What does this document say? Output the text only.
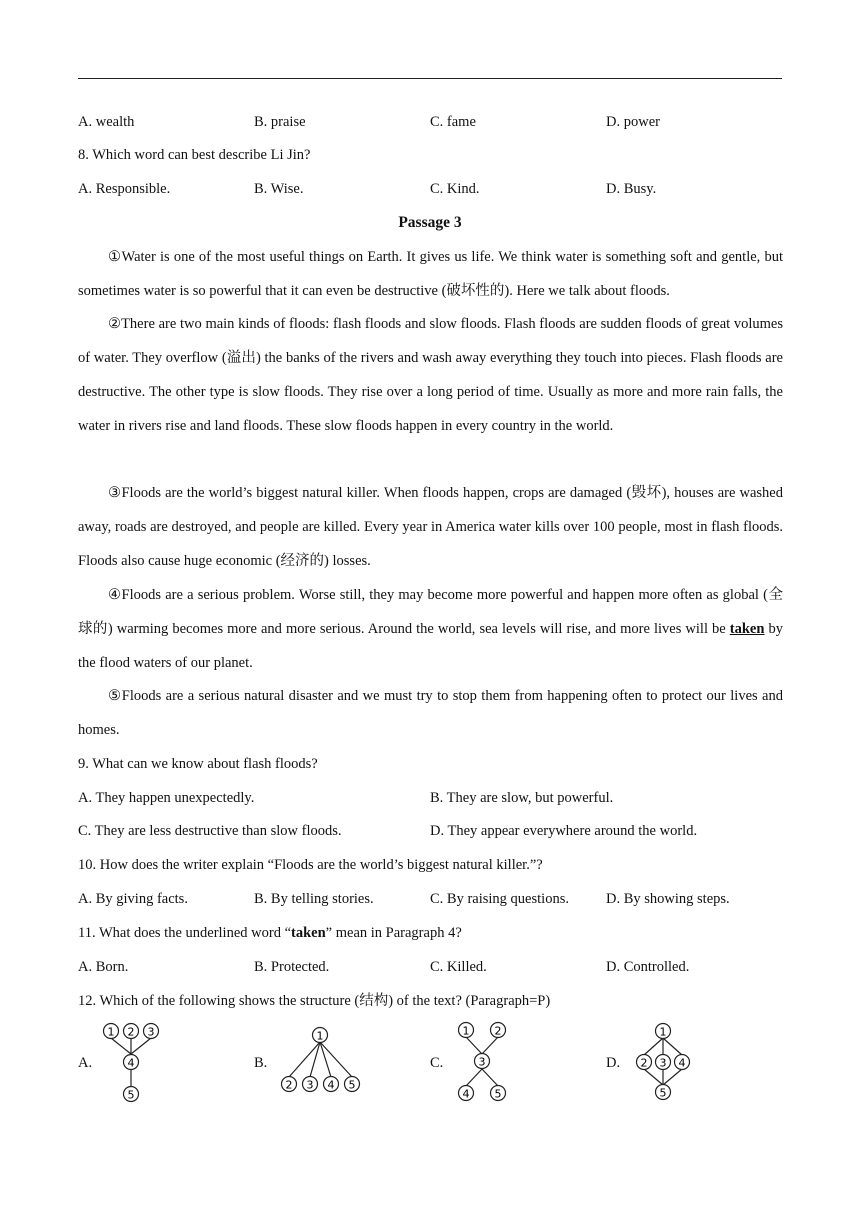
A. wealth	B. praise	C. fame	D. power
8. Which word can best describe Li Jin?
A. Responsible.	B. Wise.	C. Kind.	D. Busy.
Passage 3
①Water is one of the most useful things on Earth. It gives us life. We think water is something soft and gentle, but sometimes water is so powerful that it can even be destructive (破坏性的). Here we talk about floods.
②There are two main kinds of floods: flash floods and slow floods. Flash floods are sudden floods of great volumes of water. They overflow (溢出) the banks of the rivers and wash away everything they touch into pieces. Flash floods are destructive. The other type is slow floods. They rise over a long period of time. Usually as more and more rain falls, the water in rivers rise and land floods. These slow floods happen in every country in the world.
③Floods are the world’s biggest natural killer. When floods happen, crops are damaged (毁坏), houses are washed away, roads are destroyed, and people are killed. Every year in America water kills over 100 people, most in flash floods. Floods also cause huge economic (经济的) losses.
④Floods are a serious problem. Worse still, they may become more powerful and happen more often as global (全球的) warming becomes more and more serious. Around the world, sea levels will rise, and more lives will be taken by the flood waters of our planet.
⑤Floods are a serious natural disaster and we must try to stop them from happening often to protect our lives and homes.
9. What can we know about flash floods?
A. They happen unexpectedly.	B. They are slow, but powerful.
C. They are less destructive than slow floods.	D. They appear everywhere around the world.
10. How does the writer explain “Floods are the world’s biggest natural killer.”?
A. By giving facts.	B. By telling stories.	C. By raising questions.	D. By showing steps.
11. What does the underlined word “taken” mean in Paragraph 4?
A. Born.	B. Protected.	C. Killed.	D. Controlled.
12. Which of the following shows the structure (结构) of the text? (Paragraph=P)
A.	B.	C.	D.
1 2 3
4
5
1
2 3 4 5
1 2
3
4 5
1
2 3 4
5
